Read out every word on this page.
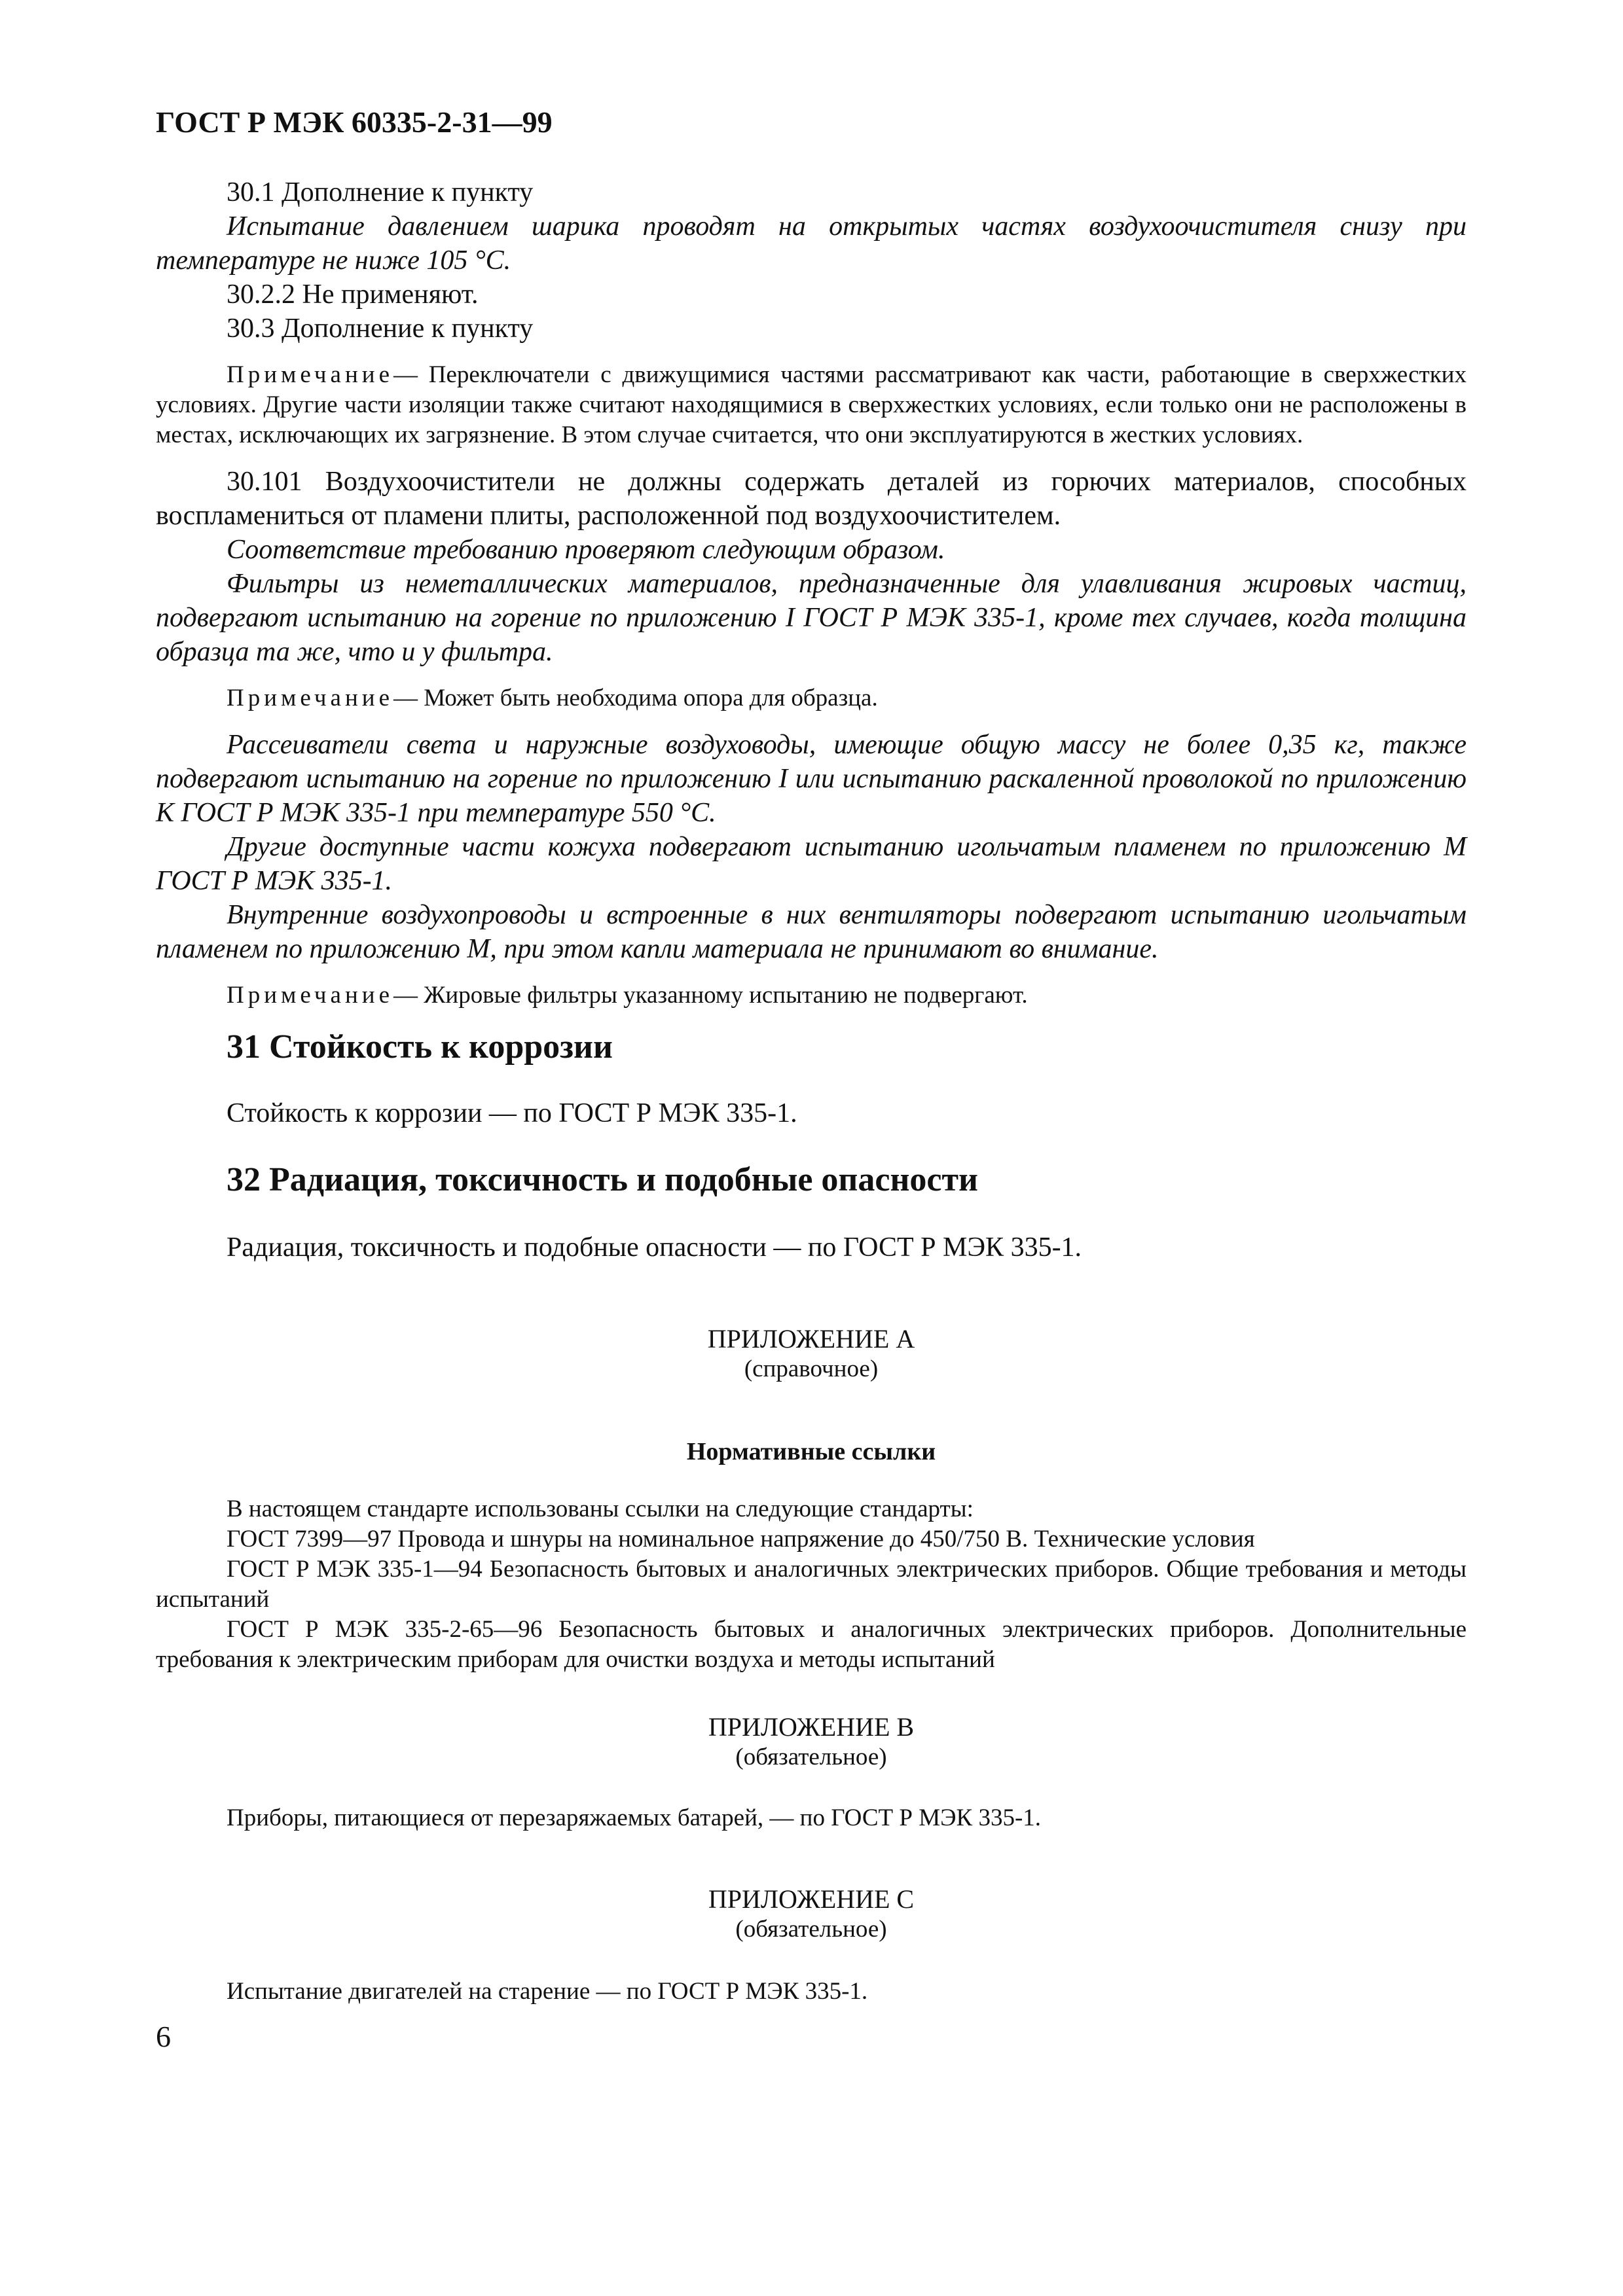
ГОСТ Р МЭК 60335-2-31—99

30.1 Дополнение к пункту

Испытание давлением шарика проводят на открытых частях воздухоочистителя снизу при температуре не ниже 105 °С.

30.2.2 Не применяют.

30.3 Дополнение к пункту

Примечание— Переключатели с движущимися частями рассматривают как части, работающие в сверхжестких условиях. Другие части изоляции также считают находящимися в сверхжестких условиях, если только они не расположены в местах, исключающих их загрязнение. В этом случае считается, что они эксплуатируются в жестких условиях.

30.101 Воздухоочистители не должны содержать деталей из горючих материалов, способных воспламениться от пламени плиты, расположенной под воздухоочистителем.

Соответствие требованию проверяют следующим образом.

Фильтры из неметаллических материалов, предназначенные для улавливания жировых частиц, подвергают испытанию на горение по приложению I ГОСТ Р МЭК 335-1, кроме тех случаев, когда толщина образца та же, что и у фильтра.

Примечание— Может быть необходима опора для образца.

Рассеиватели света и наружные воздуховоды, имеющие общую массу не более 0,35 кг, также подвергают испытанию на горение по приложению I или испытанию раскаленной проволокой по приложению К ГОСТ Р МЭК 335-1 при температуре 550 °С.

Другие доступные части кожуха подвергают испытанию игольчатым пламенем по приложению М ГОСТ Р МЭК 335-1.

Внутренние воздухопроводы и встроенные в них вентиляторы подвергают испытанию игольчатым пламенем по приложению М, при этом капли материала не принимают во внимание.

Примечание— Жировые фильтры указанному испытанию не подвергают.

31 Стойкость к коррозии
Стойкость к коррозии — по ГОСТ Р МЭК 335-1.
32 Радиация, токсичность и подобные опасности
Радиация, токсичность и подобные опасности — по ГОСТ Р МЭК 335-1.
ПРИЛОЖЕНИЕ А
(справочное)
Нормативные ссылки

В настоящем стандарте использованы ссылки на следующие стандарты:

ГОСТ 7399—97 Провода и шнуры на номинальное напряжение до 450/750 В. Технические условия

ГОСТ Р МЭК 335-1—94 Безопасность бытовых и аналогичных электрических приборов. Общие требования и методы испытаний

ГОСТ Р МЭК 335-2-65—96 Безопасность бытовых и аналогичных электрических приборов. Дополнительные требования к электрическим приборам для очистки воздуха и методы испытаний

ПРИЛОЖЕНИЕ В
(обязательное)
Приборы, питающиеся от перезаряжаемых батарей, — по ГОСТ Р МЭК 335-1.
ПРИЛОЖЕНИЕ С
(обязательное)
Испытание двигателей на старение — по ГОСТ Р МЭК 335-1.
6
